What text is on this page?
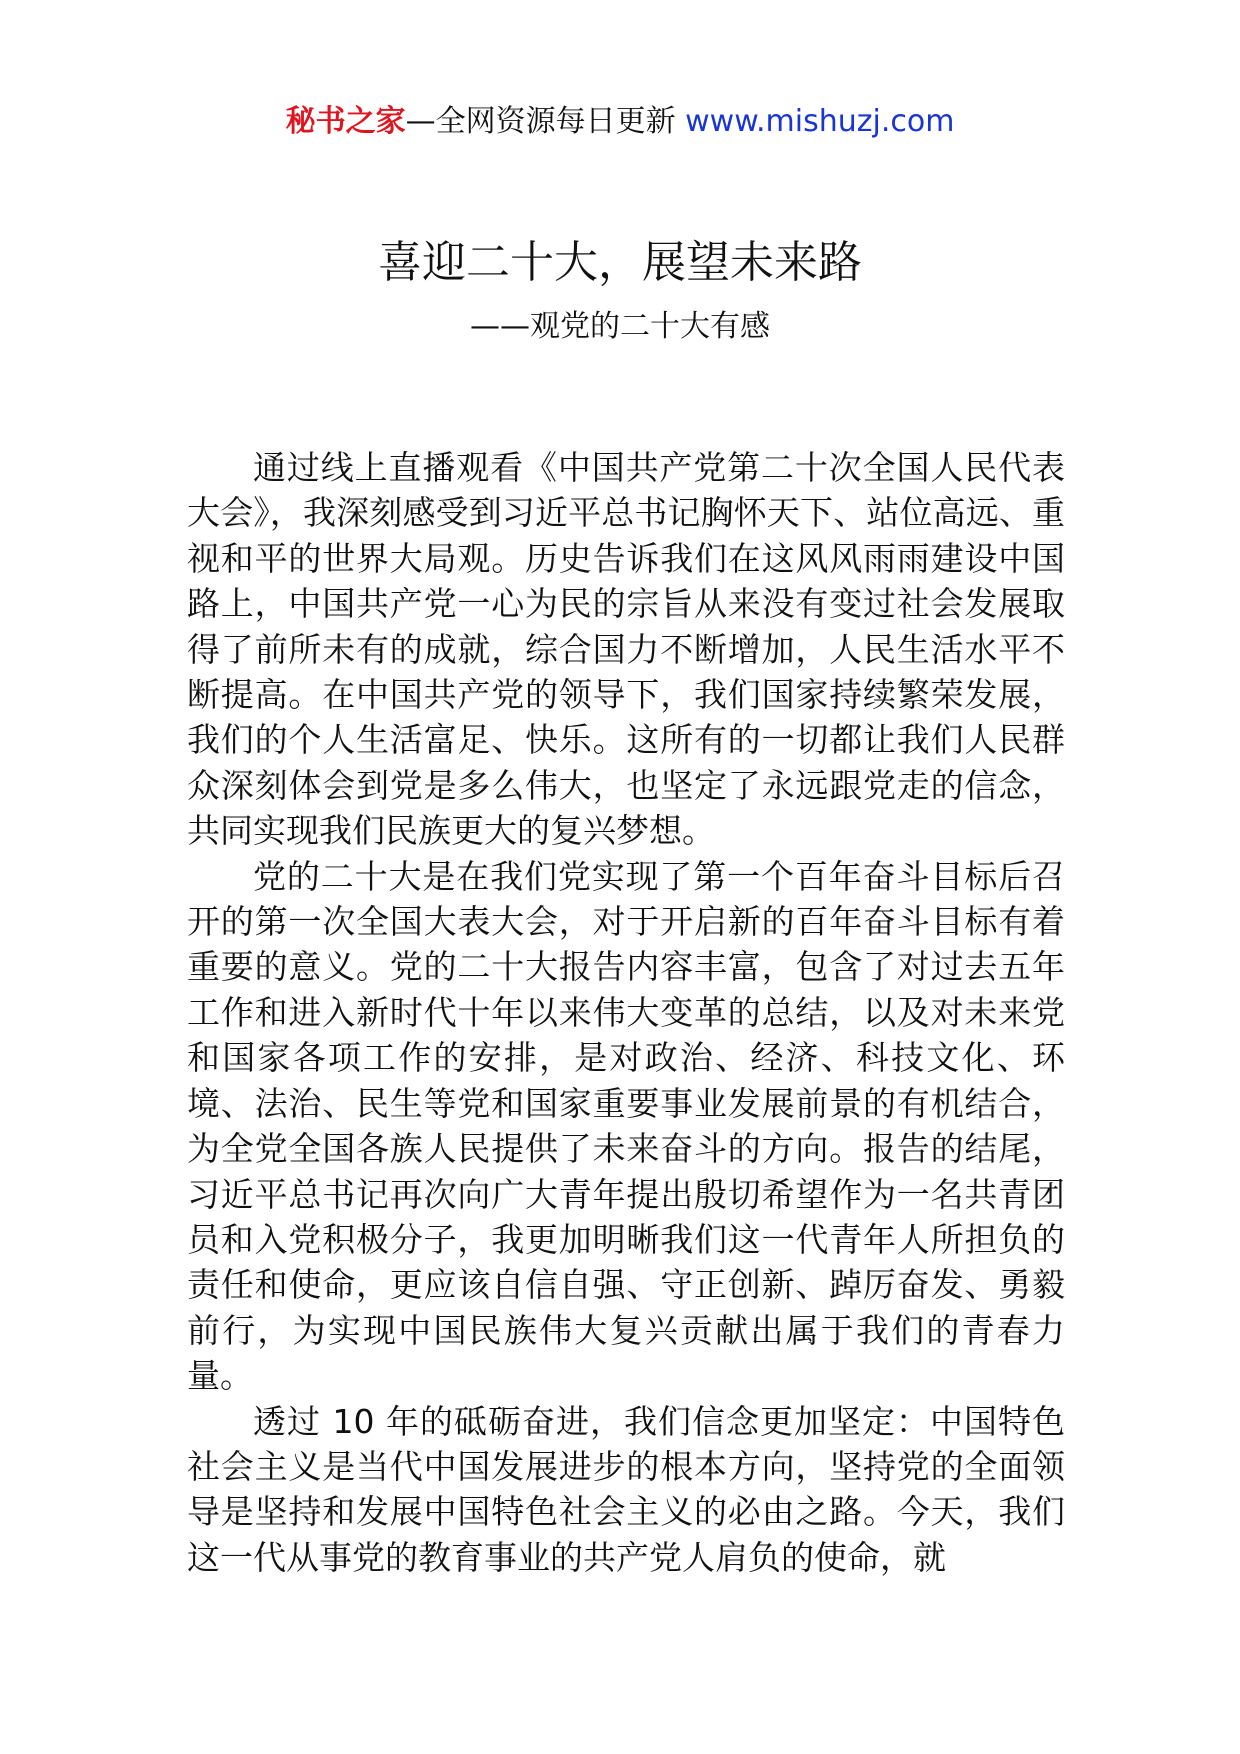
秘书之家—全网资源每日更新 www.mishuzj.com
喜迎二十大，展望未来路
——观党的二十大有感

通过线上直播观看《中国共产党第二十次全国人民代表大会》，我深刻感受到习近平总书记胸怀天下、站位高远、重视和平的世界大局观。历史告诉我们在这风风雨雨建设中国路上，中国共产党一心为民的宗旨从来没有变过社会发展取得了前所未有的成就，综合国力不断增加，人民生活水平不断提高。在中国共产党的领导下，我们国家持续繁荣发展，我们的个人生活富足、快乐。这所有的一切都让我们人民群众深刻体会到党是多么伟大，也坚定了永远跟党走的信念，共同实现我们民族更大的复兴梦想。

党的二十大是在我们党实现了第一个百年奋斗目标后召开的第一次全国大表大会，对于开启新的百年奋斗目标有着重要的意义。党的二十大报告内容丰富，包含了对过去五年工作和进入新时代十年以来伟大变革的总结，以及对未来党和国家各项工作的安排，是对政治、经济、科技文化、环境、法治、民生等党和国家重要事业发展前景的有机结合，为全党全国各族人民提供了未来奋斗的方向。报告的结尾，习近平总书记再次向广大青年提出殷切希望作为一名共青团员和入党积极分子，我更加明晰我们这一代青年人所担负的责任和使命，更应该自信自强、守正创新、踔厉奋发、勇毅前行，为实现中国民族伟大复兴贡献出属于我们的青春力量。

透过 10 年的砥砺奋进，我们信念更加坚定：中国特色社会主义是当代中国发展进步的根本方向，坚持党的全面领导是坚持和发展中国特色社会主义的必由之路。今天，我们这一代从事党的教育事业的共产党人肩负的使命，就
